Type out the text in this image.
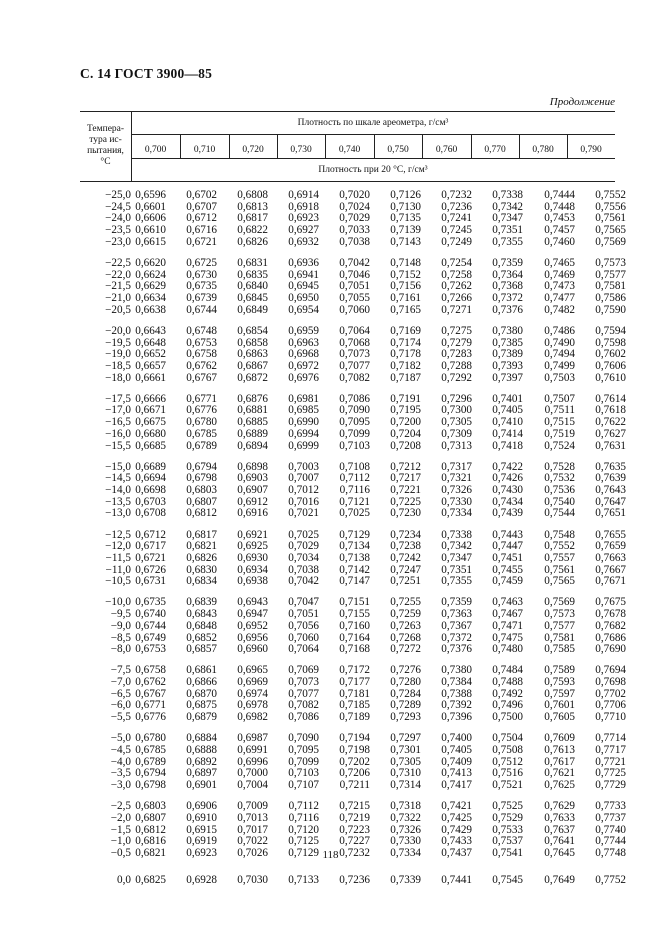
С. 14 ГОСТ 3900—85
Продолжение
Темпера-
тура ис-
пытания,
°С
Плотность по шкале ареометра, г/см³
Плотность при 20 °С, г/см³
0,700	0,710	0,720	0,730	0,740	0,750	0,760	0,770	0,780	0,790
−25,0 0,6596 0,6702 0,6808 0,6914 0,7020 0,7126 0,7232 0,7338 0,7444 0,7552
−24,5 0,6601 0,6707 0,6813 0,6918 0,7024 0,7130 0,7236 0,7342 0,7448 0,7556
−24,0 0,6606 0,6712 0,6817 0,6923 0,7029 0,7135 0,7241 0,7347 0,7453 0,7561
−23,5 0,6610 0,6716 0,6822 0,6927 0,7033 0,7139 0,7245 0,7351 0,7457 0,7565
−23,0 0,6615 0,6721 0,6826 0,6932 0,7038 0,7143 0,7249 0,7355 0,7460 0,7569
−22,5 0,6620 0,6725 0,6831 0,6936 0,7042 0,7148 0,7254 0,7359 0,7465 0,7573
−22,0 0,6624 0,6730 0,6835 0,6941 0,7046 0,7152 0,7258 0,7364 0,7469 0,7577
−21,5 0,6629 0,6735 0,6840 0,6945 0,7051 0,7156 0,7262 0,7368 0,7473 0,7581
−21,0 0,6634 0,6739 0,6845 0,6950 0,7055 0,7161 0,7266 0,7372 0,7477 0,7586
−20,5 0,6638 0,6744 0,6849 0,6954 0,7060 0,7165 0,7271 0,7376 0,7482 0,7590
−20,0 0,6643 0,6748 0,6854 0,6959 0,7064 0,7169 0,7275 0,7380 0,7486 0,7594
−19,5 0,6648 0,6753 0,6858 0,6963 0,7068 0,7174 0,7279 0,7385 0,7490 0,7598
−19,0 0,6652 0,6758 0,6863 0,6968 0,7073 0,7178 0,7283 0,7389 0,7494 0,7602
−18,5 0,6657 0,6762 0,6867 0,6972 0,7077 0,7182 0,7288 0,7393 0,7499 0,7606
−18,0 0,6661 0,6767 0,6872 0,6976 0,7082 0,7187 0,7292 0,7397 0,7503 0,7610
−17,5 0,6666 0,6771 0,6876 0,6981 0,7086 0,7191 0,7296 0,7401 0,7507 0,7614
−17,0 0,6671 0,6776 0,6881 0,6985 0,7090 0,7195 0,7300 0,7405 0,7511 0,7618
−16,5 0,6675 0,6780 0,6885 0,6990 0,7095 0,7200 0,7305 0,7410 0,7515 0,7622
−16,0 0,6680 0,6785 0,6889 0,6994 0,7099 0,7204 0,7309 0,7414 0,7519 0,7627
−15,5 0,6685 0,6789 0,6894 0,6999 0,7103 0,7208 0,7313 0,7418 0,7524 0,7631
−15,0 0,6689 0,6794 0,6898 0,7003 0,7108 0,7212 0,7317 0,7422 0,7528 0,7635
−14,5 0,6694 0,6798 0,6903 0,7007 0,7112 0,7217 0,7321 0,7426 0,7532 0,7639
−14,0 0,6698 0,6803 0,6907 0,7012 0,7116 0,7221 0,7326 0,7430 0,7536 0,7643
−13,5 0,6703 0,6807 0,6912 0,7016 0,7121 0,7225 0,7330 0,7434 0,7540 0,7647
−13,0 0,6708 0,6812 0,6916 0,7021 0,7025 0,7230 0,7334 0,7439 0,7544 0,7651
−12,5 0,6712 0,6817 0,6921 0,7025 0,7129 0,7234 0,7338 0,7443 0,7548 0,7655
−12,0 0,6717 0,6821 0,6925 0,7029 0,7134 0,7238 0,7342 0,7447 0,7552 0,7659
−11,5 0,6721 0,6826 0,6930 0,7034 0,7138 0,7242 0,7347 0,7451 0,7557 0,7663
−11,0 0,6726 0,6830 0,6934 0,7038 0,7142 0,7247 0,7351 0,7455 0,7561 0,7667
−10,5 0,6731 0,6834 0,6938 0,7042 0,7147 0,7251 0,7355 0,7459 0,7565 0,7671
−10,0 0,6735 0,6839 0,6943 0,7047 0,7151 0,7255 0,7359 0,7463 0,7569 0,7675
−9,5 0,6740 0,6843 0,6947 0,7051 0,7155 0,7259 0,7363 0,7467 0,7573 0,7678
−9,0 0,6744 0,6848 0,6952 0,7056 0,7160 0,7263 0,7367 0,7471 0,7577 0,7682
−8,5 0,6749 0,6852 0,6956 0,7060 0,7164 0,7268 0,7372 0,7475 0,7581 0,7686
−8,0 0,6753 0,6857 0,6960 0,7064 0,7168 0,7272 0,7376 0,7480 0,7585 0,7690
−7,5 0,6758 0,6861 0,6965 0,7069 0,7172 0,7276 0,7380 0,7484 0,7589 0,7694
−7,0 0,6762 0,6866 0,6969 0,7073 0,7177 0,7280 0,7384 0,7488 0,7593 0,7698
−6,5 0,6767 0,6870 0,6974 0,7077 0,7181 0,7284 0,7388 0,7492 0,7597 0,7702
−6,0 0,6771 0,6875 0,6978 0,7082 0,7185 0,7289 0,7392 0,7496 0,7601 0,7706
−5,5 0,6776 0,6879 0,6982 0,7086 0,7189 0,7293 0,7396 0,7500 0,7605 0,7710
−5,0 0,6780 0,6884 0,6987 0,7090 0,7194 0,7297 0,7400 0,7504 0,7609 0,7714
−4,5 0,6785 0,6888 0,6991 0,7095 0,7198 0,7301 0,7405 0,7508 0,7613 0,7717
−4,0 0,6789 0,6892 0,6996 0,7099 0,7202 0,7305 0,7409 0,7512 0,7617 0,7721
−3,5 0,6794 0,6897 0,7000 0,7103 0,7206 0,7310 0,7413 0,7516 0,7621 0,7725
−3,0 0,6798 0,6901 0,7004 0,7107 0,7211 0,7314 0,7417 0,7521 0,7625 0,7729
−2,5 0,6803 0,6906 0,7009 0,7112 0,7215 0,7318 0,7421 0,7525 0,7629 0,7733
−2,0 0,6807 0,6910 0,7013 0,7116 0,7219 0,7322 0,7425 0,7529 0,7633 0,7737
−1,5 0,6812 0,6915 0,7017 0,7120 0,7223 0,7326 0,7429 0,7533 0,7637 0,7740
−1,0 0,6816 0,6919 0,7022 0,7125 0,7227 0,7330 0,7433 0,7537 0,7641 0,7744
−0,5 0,6821 0,6923 0,7026 0,7129 0,7232 0,7334 0,7437 0,7541 0,7645 0,7748
0,0 0,6825 0,6928 0,7030 0,7133 0,7236 0,7339 0,7441 0,7545 0,7649 0,7752
118
